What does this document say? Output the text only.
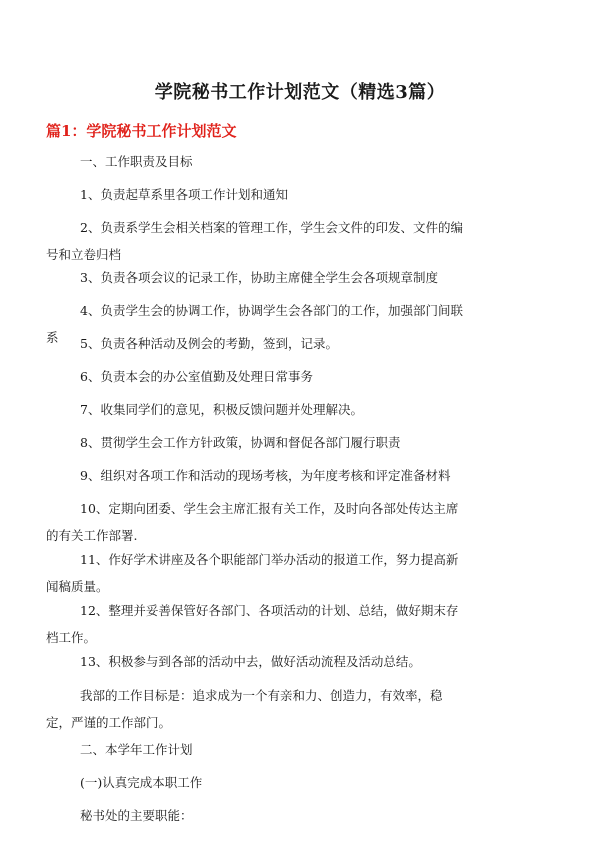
学院秘书工作计划范文（精选3篇）
篇1：学院秘书工作计划范文

一、工作职责及目标

1、负责起草系里各项工作计划和通知

2、负责系学生会相关档案的管理工作，学生会文件的印发、文件的编号和立卷归档

3、负责各项会议的记录工作，协助主席健全学生会各项规章制度

4、负责学生会的协调工作，协调学生会各部门的工作，加强部门间联系	5、负责各种活动及例会的考勤，签到，记录。

6、负责本会的办公室值勤及处理日常事务

7、收集同学们的意见，积极反馈问题并处理解决。

8、贯彻学生会工作方针政策，协调和督促各部门履行职责

9、组织对各项工作和活动的现场考核，为年度考核和评定准备材料

10、定期向团委、学生会主席汇报有关工作，及时向各部处传达主席的有关工作部署.

11、作好学术讲座及各个职能部门举办活动的报道工作，努力提高新闻稿质量。

12、整理并妥善保管好各部门、各项活动的计划、总结，做好期末存档工作。

13、积极参与到各部的活动中去，做好活动流程及活动总结。

我部的工作目标是：追求成为一个有亲和力、创造力，有效率，稳定，严谨的工作部门。

二、本学年工作计划

(一)认真完成本职工作

秘书处的主要职能：
